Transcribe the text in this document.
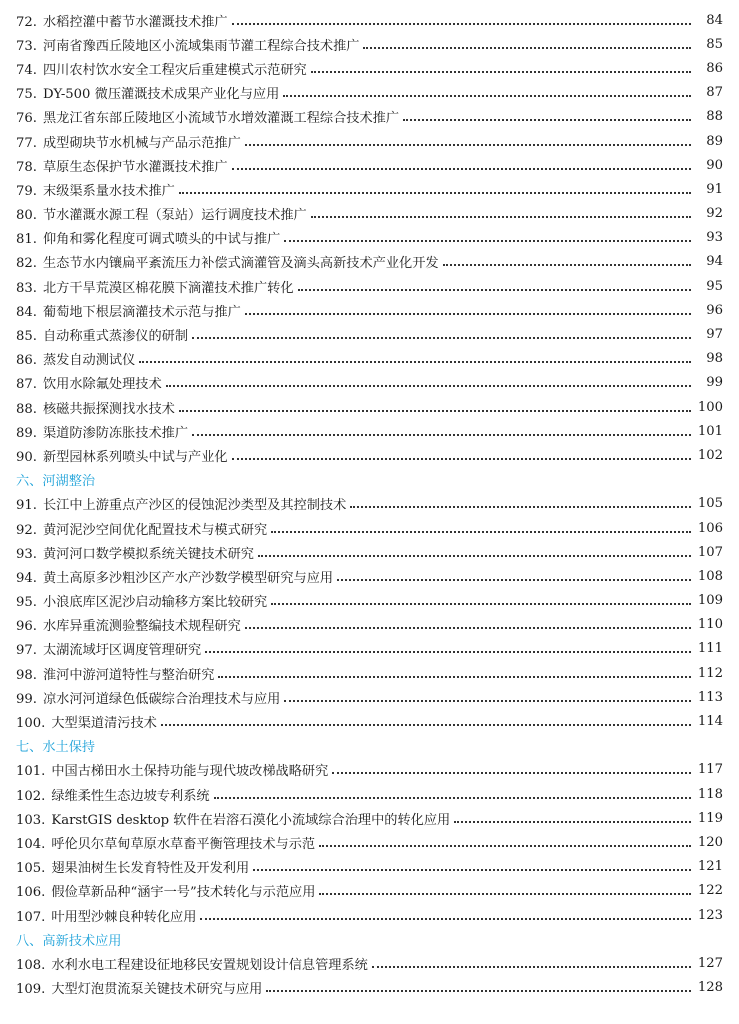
72. 水稻控灌中蓄节水灌溉技术推广	84
73. 河南省豫西丘陵地区小流域集雨节灌工程综合技术推广	85
74. 四川农村饮水安全工程灾后重建模式示范研究	86
75. DY-500 微压灌溉技术成果产业化与应用	87
76. 黑龙江省东部丘陵地区小流域节水增效灌溉工程综合技术推广	88
77. 成型砌块节水机械与产品示范推广	89
78. 草原生态保护节水灌溉技术推广	90
79. 末级渠系量水技术推广	91
80. 节水灌溉水源工程（泵站）运行调度技术推广	92
81. 仰角和雾化程度可调式喷头的中试与推广	93
82. 生态节水内镶扁平紊流压力补偿式滴灌管及滴头高新技术产业化开发	94
83. 北方干旱荒漠区棉花膜下滴灌技术推广转化	95
84. 葡萄地下根层滴灌技术示范与推广	96
85. 自动称重式蒸渗仪的研制	97
86. 蒸发自动测试仪	98
87. 饮用水除氟处理技术	99
88. 核磁共振探测找水技术	100
89. 渠道防渗防冻胀技术推广	101
90. 新型园林系列喷头中试与产业化	102
六、河湖整治
91. 长江中上游重点产沙区的侵蚀泥沙类型及其控制技术	105
92. 黄河泥沙空间优化配置技术与模式研究	106
93. 黄河河口数学模拟系统关键技术研究	107
94. 黄土高原多沙粗沙区产水产沙数学模型研究与应用	108
95. 小浪底库区泥沙启动输移方案比较研究	109
96. 水库异重流测验整编技术规程研究	110
97. 太湖流域圩区调度管理研究	111
98. 淮河中游河道特性与整治研究	112
99. 凉水河河道绿色低碳综合治理技术与应用	113
100. 大型渠道清污技术	114
七、水土保持
101. 中国古梯田水土保持功能与现代坡改梯战略研究	117
102. 绿维柔性生态边坡专利系统	118
103. KarstGIS desktop 软件在岩溶石漠化小流域综合治理中的转化应用	119
104. 呼伦贝尔草甸草原水草畜平衡管理技术与示范	120
105. 翅果油树生长发育特性及开发利用	121
106. 假俭草新品种“涵宇一号”技术转化与示范应用	122
107. 叶用型沙棘良种转化应用	123
八、高新技术应用
108. 水利水电工程建设征地移民安置规划设计信息管理系统	127
109. 大型灯泡贯流泵关键技术研究与应用	128
